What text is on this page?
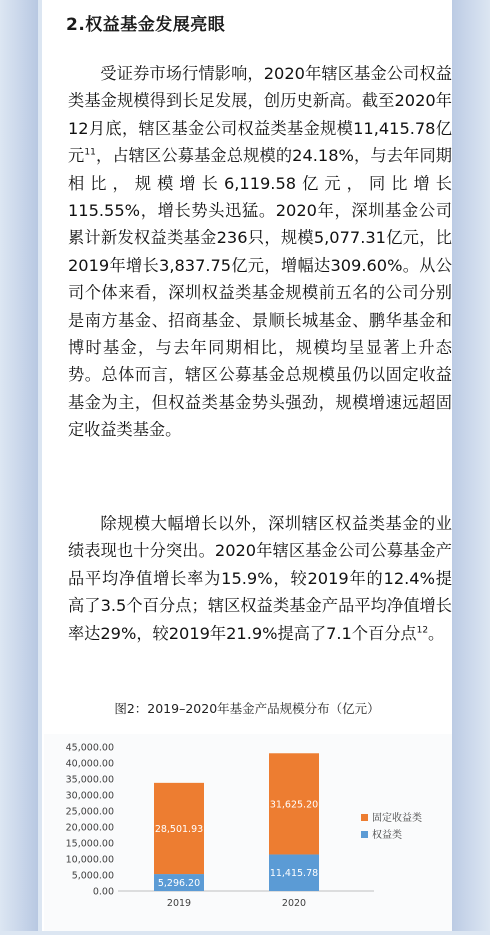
2.权益基金发展亮眼

受证券市场行情影响，2020年辖区基金公司权益类基金规模得到长足发展，创历史新高。截至2020年12月底，辖区基金公司权益类基金规模11,415.78亿元$^{11}$，占辖区公募基金总规模的24.18%，与去年同期相比，规模增长6,119.58亿元，同比增长115.55%，增长势头迅猛。2020年，深圳基金公司累计新发权益类基金236只，规模5,077.31亿元，比2019年增长3,837.75亿元，增幅达309.60%。从公司个体来看，深圳权益类基金规模前五名的公司分别是南方基金、招商基金、景顺长城基金、鹏华基金和博时基金，与去年同期相比，规模均呈显著上升态势。总体而言，辖区公募基金总规模虽仍以固定收益基金为主，但权益类基金势头强劲，规模增速远超固定收益类基金。

除规模大幅增长以外，深圳辖区权益类基金的业绩表现也十分突出。2020年辖区基金公司公募基金产品平均净值增长率为15.9%，较2019年的12.4%提高了3.5个百分点；辖区权益类基金产品平均净值增长率达29%，较2019年21.9%提高了7.1个百分点$^{12}$。

图2：2019–2020年基金产品规模分布（亿元）
0.00
5,000.00
10,000.00
15,000.00
20,000.00
25,000.00
30,000.00
35,000.00
40,000.00
45,000.00
5,296.20
28,501.93
2019
11,415.78
31,625.20
2020
固定收益类
权益类
